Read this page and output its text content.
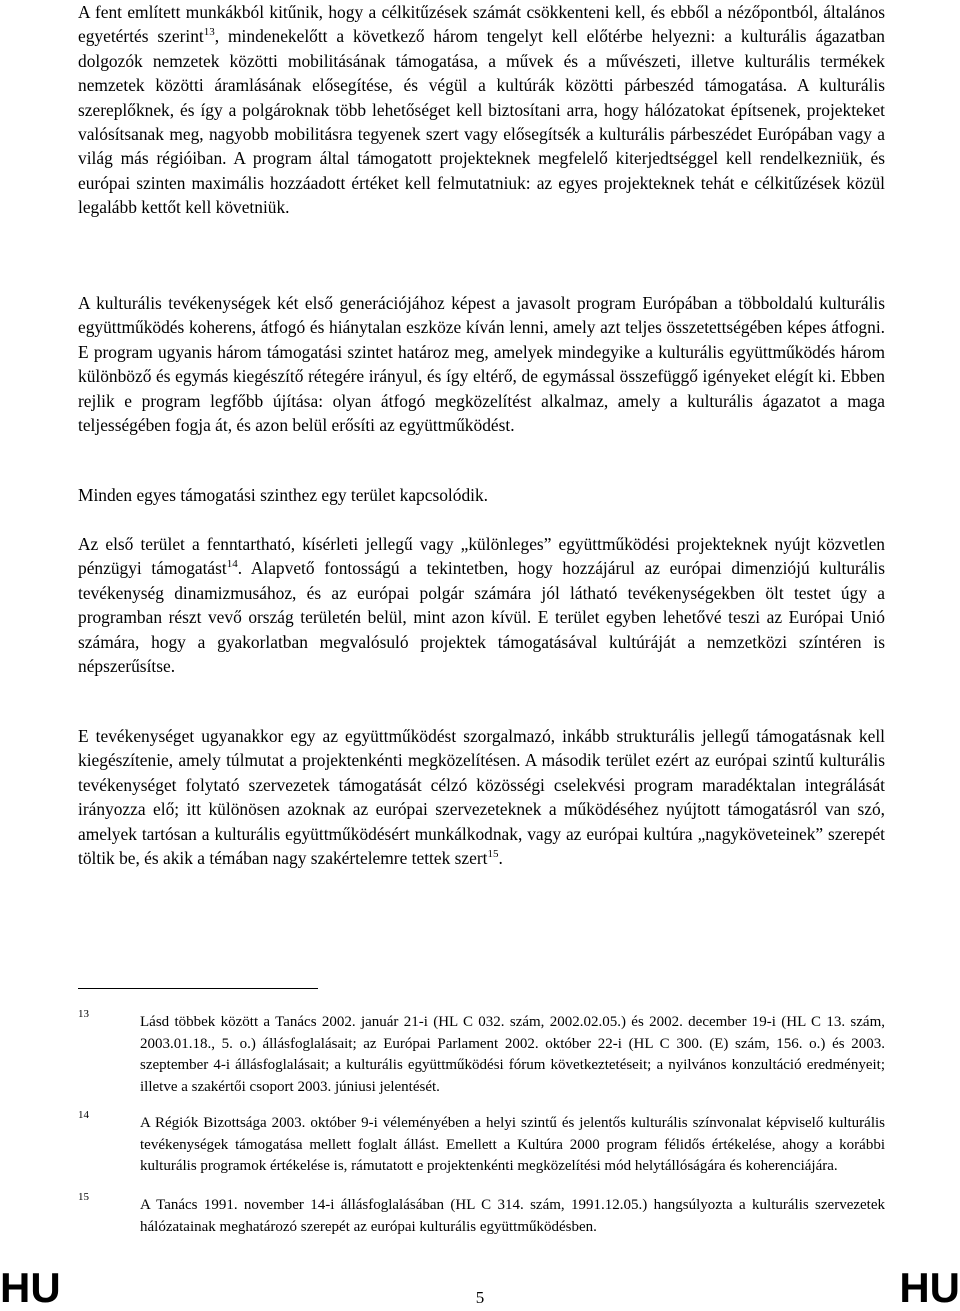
A fent említett munkákból kitűnik, hogy a célkitűzések számát csökkenteni kell, és ebből a nézőpontból, általános egyetértés szerint$^{13}$, mindenekelőtt a következő három tengelyt kell előtérbe helyezni: a kulturális ágazatban dolgozók nemzetek közötti mobilitásának támogatása, a művek és a művészeti, illetve kulturális termékek nemzetek közötti áramlásának elősegítése, és végül a kultúrák közötti párbeszéd támogatása. A kulturális szereplőknek, és így a polgároknak több lehetőséget kell biztosítani arra, hogy hálózatokat építsenek, projekteket valósítsanak meg, nagyobb mobilitásra tegyenek szert vagy elősegítsék a kulturális párbeszédet Európában vagy a világ más régióiban. A program által támogatott projekteknek megfelelő kiterjedtséggel kell rendelkezniük, és európai szinten maximális hozzáadott értéket kell felmutatniuk: az egyes projekteknek tehát e célkitűzések közül legalább kettőt kell követniük.

A kulturális tevékenységek két első generációjához képest a javasolt program Európában a többoldalú kulturális együttműködés koherens, átfogó és hiánytalan eszköze kíván lenni, amely azt teljes összetettségében képes átfogni. E program ugyanis három támogatási szintet határoz meg, amelyek mindegyike a kulturális együttműködés három különböző és egymás kiegészítő rétegére irányul, és így eltérő, de egymással összefüggő igényeket elégít ki. Ebben rejlik e program legfőbb újítása: olyan átfogó megközelítést alkalmaz, amely a kulturális ágazatot a maga teljességében fogja át, és azon belül erősíti az együttműködést.

Minden egyes támogatási szinthez egy terület kapcsolódik.

Az első terület a fenntartható, kísérleti jellegű vagy „különleges” együttműködési projekteknek nyújt közvetlen pénzügyi támogatást$^{14}$. Alapvető fontosságú a tekintetben, hogy hozzájárul az európai dimenziójú kulturális tevékenység dinamizmusához, és az európai polgár számára jól látható tevékenységekben ölt testet úgy a programban részt vevő ország területén belül, mint azon kívül. E terület egyben lehetővé teszi az Európai Unió számára, hogy a gyakorlatban megvalósuló projektek támogatásával kultúráját a nemzetközi színtéren is népszerűsítse.

E tevékenységet ugyanakkor egy az együttműködést szorgalmazó, inkább strukturális jellegű támogatásnak kell kiegészítenie, amely túlmutat a projektenkénti megközelítésen. A második terület ezért az európai szintű kulturális tevékenységet folytató szervezetek támogatását célzó közösségi cselekvési program maradéktalan integrálását irányozza elő; itt különösen azoknak az európai szervezeteknek a működéséhez nyújtott támogatásról van szó, amelyek tartósan a kulturális együttműködésért munkálkodnak, vagy az európai kultúra „nagyköveteinek” szerepét töltik be, és akik a témában nagy szakértelemre tettek szert$^{15}$.

13	Lásd többek között a Tanács 2002. január 21-i (HL C 032. szám, 2002.02.05.) és 2002. december 19-i (HL C 13. szám, 2003.01.18., 5. o.) állásfoglalásait; az Európai Parlament 2002. október 22-i (HL C 300. (E) szám, 156. o.) és 2003. szeptember 4-i állásfoglalásait; a kulturális együttműködési fórum következtetéseit; a nyilvános konzultáció eredményeit; illetve a szakértői csoport 2003. júniusi jelentését.
14	A Régiók Bizottsága 2003. október 9-i véleményében a helyi szintű és jelentős kulturális színvonalat képviselő kulturális tevékenységek támogatása mellett foglalt állást. Emellett a Kultúra 2000 program félidős értékelése, ahogy a korábbi kulturális programok értékelése is, rámutatott e projektenkénti megközelítési mód helytállóságára és koherenciájára.
15	A Tanács 1991. november 14-i állásfoglalásában (HL C 314. szám, 1991.12.05.) hangsúlyozta a kulturális szervezetek hálózatainak meghatározó szerepét az európai kulturális együttműködésben.
HU	5	HU
